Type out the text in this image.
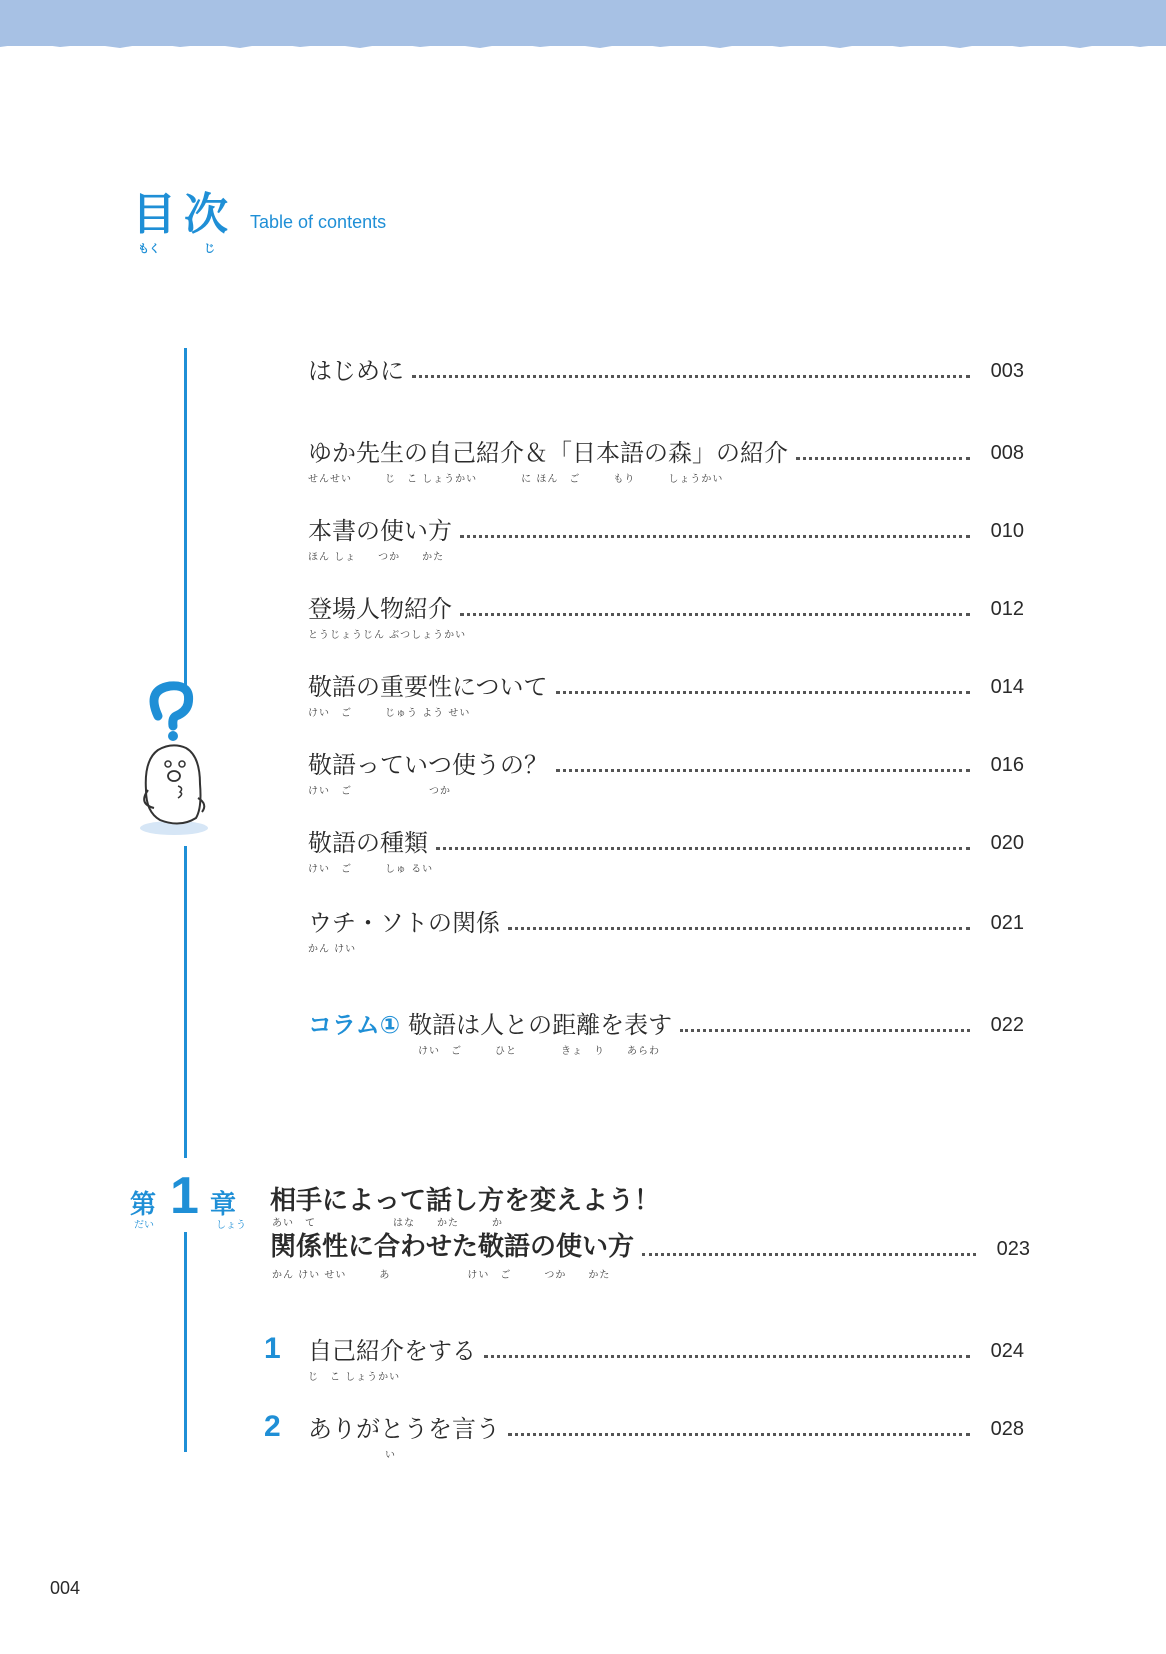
目 次
もく	じ
Table of contents
はじめに	003
ゆか先生の自己紹介＆「日本語の森」の紹介	008
せんせい　　　じ　こ しょうかい　　　　に ほん　ご　　　もり　　　しょうかい
本書の使い方	010
ほん しょ　　つか　　かた
登場人物紹介	012
とうじょうじん ぶつしょうかい
敬語の重要性について	014
けい　ご　　　じゅう よう せい
敬語っていつ使うの？	016
けい　ご　　　　　　　つか
敬語の種類	020
けい　ご　　　しゅ るい
ウチ・ソトの関係	021
かん けい
コラム① 敬語は人との距離を表す	022
けい　ご　　　ひと　　　　きょ　り　　あらわ
第 1 章
だい	しょう
相手によって話し方を変えよう！
あい　て　　　　　　　はな　　かた　　　か
関係性に合わせた敬語の使い方	023
かん けい せい　　　あ　　　　　　　けい　ご　　　つか　　かた
1 自己紹介をする	024
じ　こ しょうかい
2 ありがとうを言う	028
　　　　　　　い
004
